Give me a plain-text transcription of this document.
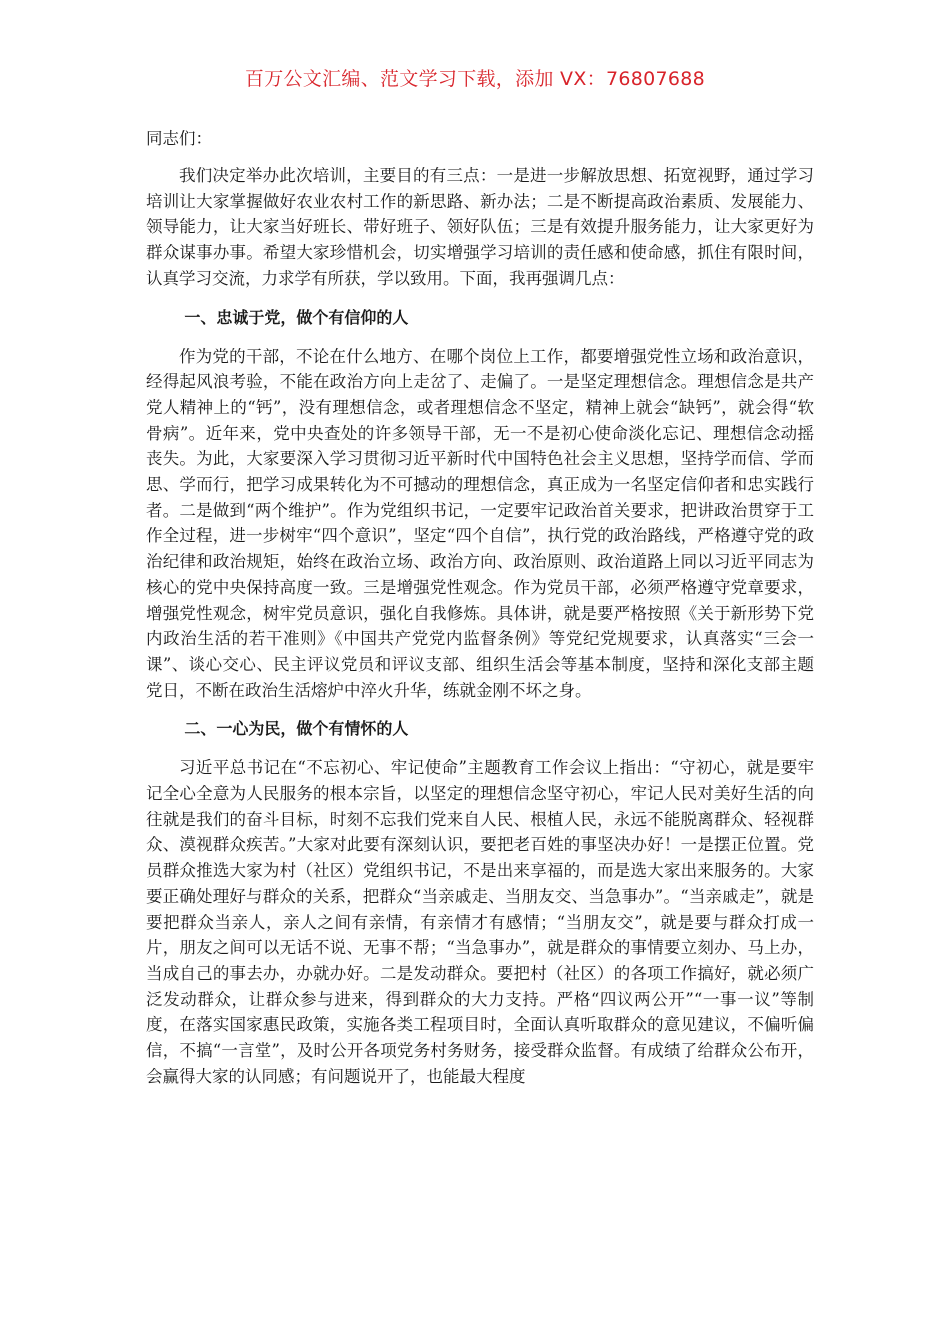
百万公文汇编、范文学习下载，添加 VX：76807688

同志们：

我们决定举办此次培训，主要目的有三点：一是进一步解放思想、拓宽视野，通过学习培训让大家掌握做好农业农村工作的新思路、新办法；二是不断提高政治素质、发展能力、领导能力，让大家当好班长、带好班子、领好队伍；三是有效提升服务能力，让大家更好为群众谋事办事。希望大家珍惜机会，切实增强学习培训的责任感和使命感，抓住有限时间，认真学习交流，力求学有所获，学以致用。下面，我再强调几点：

一、忠诚于党，做个有信仰的人

作为党的干部，不论在什么地方、在哪个岗位上工作，都要增强党性立场和政治意识，经得起风浪考验，不能在政治方向上走岔了、走偏了。一是坚定理想信念。理想信念是共产党人精神上的“钙”，没有理想信念，或者理想信念不坚定，精神上就会“缺钙”，就会得“软骨病”。近年来，党中央查处的许多领导干部，无一不是初心使命淡化忘记、理想信念动摇丧失。为此，大家要深入学习贯彻习近平新时代中国特色社会主义思想，坚持学而信、学而思、学而行，把学习成果转化为不可撼动的理想信念，真正成为一名坚定信仰者和忠实践行者。二是做到“两个维护”。作为党组织书记，一定要牢记政治首关要求，把讲政治贯穿于工作全过程，进一步树牢“四个意识”，坚定“四个自信”，执行党的政治路线，严格遵守党的政治纪律和政治规矩，始终在政治立场、政治方向、政治原则、政治道路上同以习近平同志为核心的党中央保持高度一致。三是增强党性观念。作为党员干部，必须严格遵守党章要求，增强党性观念，树牢党员意识，强化自我修炼。具体讲，就是要严格按照《关于新形势下党内政治生活的若干准则》《中国共产党党内监督条例》等党纪党规要求，认真落实“三会一课”、谈心交心、民主评议党员和评议支部、组织生活会等基本制度，坚持和深化支部主题党日，不断在政治生活熔炉中淬火升华，练就金刚不坏之身。

二、一心为民，做个有情怀的人

习近平总书记在“不忘初心、牢记使命”主题教育工作会议上指出：“守初心，就是要牢记全心全意为人民服务的根本宗旨，以坚定的理想信念坚守初心，牢记人民对美好生活的向往就是我们的奋斗目标，时刻不忘我们党来自人民、根植人民，永远不能脱离群众、轻视群众、漠视群众疾苦。”大家对此要有深刻认识，要把老百姓的事坚决办好！一是摆正位置。党员群众推选大家为村（社区）党组织书记，不是出来享福的，而是选大家出来服务的。大家要正确处理好与群众的关系，把群众“当亲戚走、当朋友交、当急事办”。“当亲戚走”，就是要把群众当亲人，亲人之间有亲情，有亲情才有感情；“当朋友交”，就是要与群众打成一片，朋友之间可以无话不说、无事不帮；“当急事办”，就是群众的事情要立刻办、马上办，当成自己的事去办，办就办好。二是发动群众。要把村（社区）的各项工作搞好，就必须广泛发动群众，让群众参与进来，得到群众的大力支持。严格“四议两公开”“一事一议”等制度，在落实国家惠民政策，实施各类工程项目时，全面认真听取群众的意见建议，不偏听偏信，不搞“一言堂”，及时公开各项党务村务财务，接受群众监督。有成绩了给群众公布开，会赢得大家的认同感；有问题说开了，也能最大程度
